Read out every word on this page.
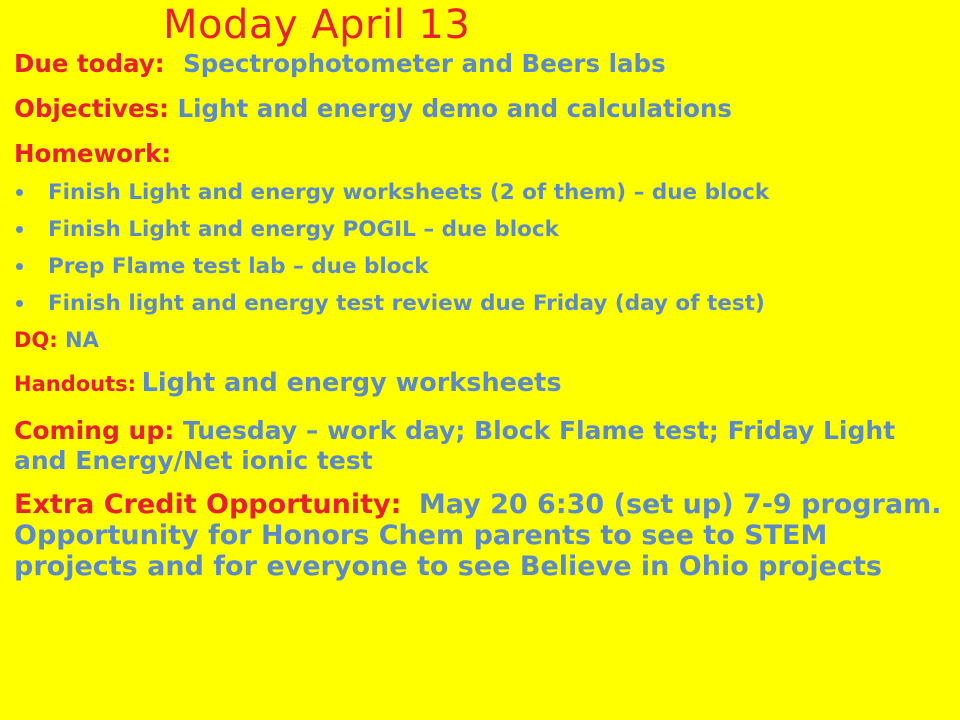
Moday April 13
Due today: Spectrophotometer and Beers labs
Objectives: Light and energy demo and calculations
Homework:
Finish Light and energy worksheets (2 of them) – due block
Finish Light and energy POGIL – due block
Prep Flame test lab – due block
Finish light and energy test review due Friday (day of test)
DQ: NA
Handouts: Light and energy worksheets
Coming up: Tuesday – work day; Block Flame test; Friday Light and Energy/Net ionic test
Extra Credit Opportunity: May 20 6:30 (set up) 7-9 program. Opportunity for Honors Chem parents to see to STEM projects and for everyone to see Believe in Ohio projects
